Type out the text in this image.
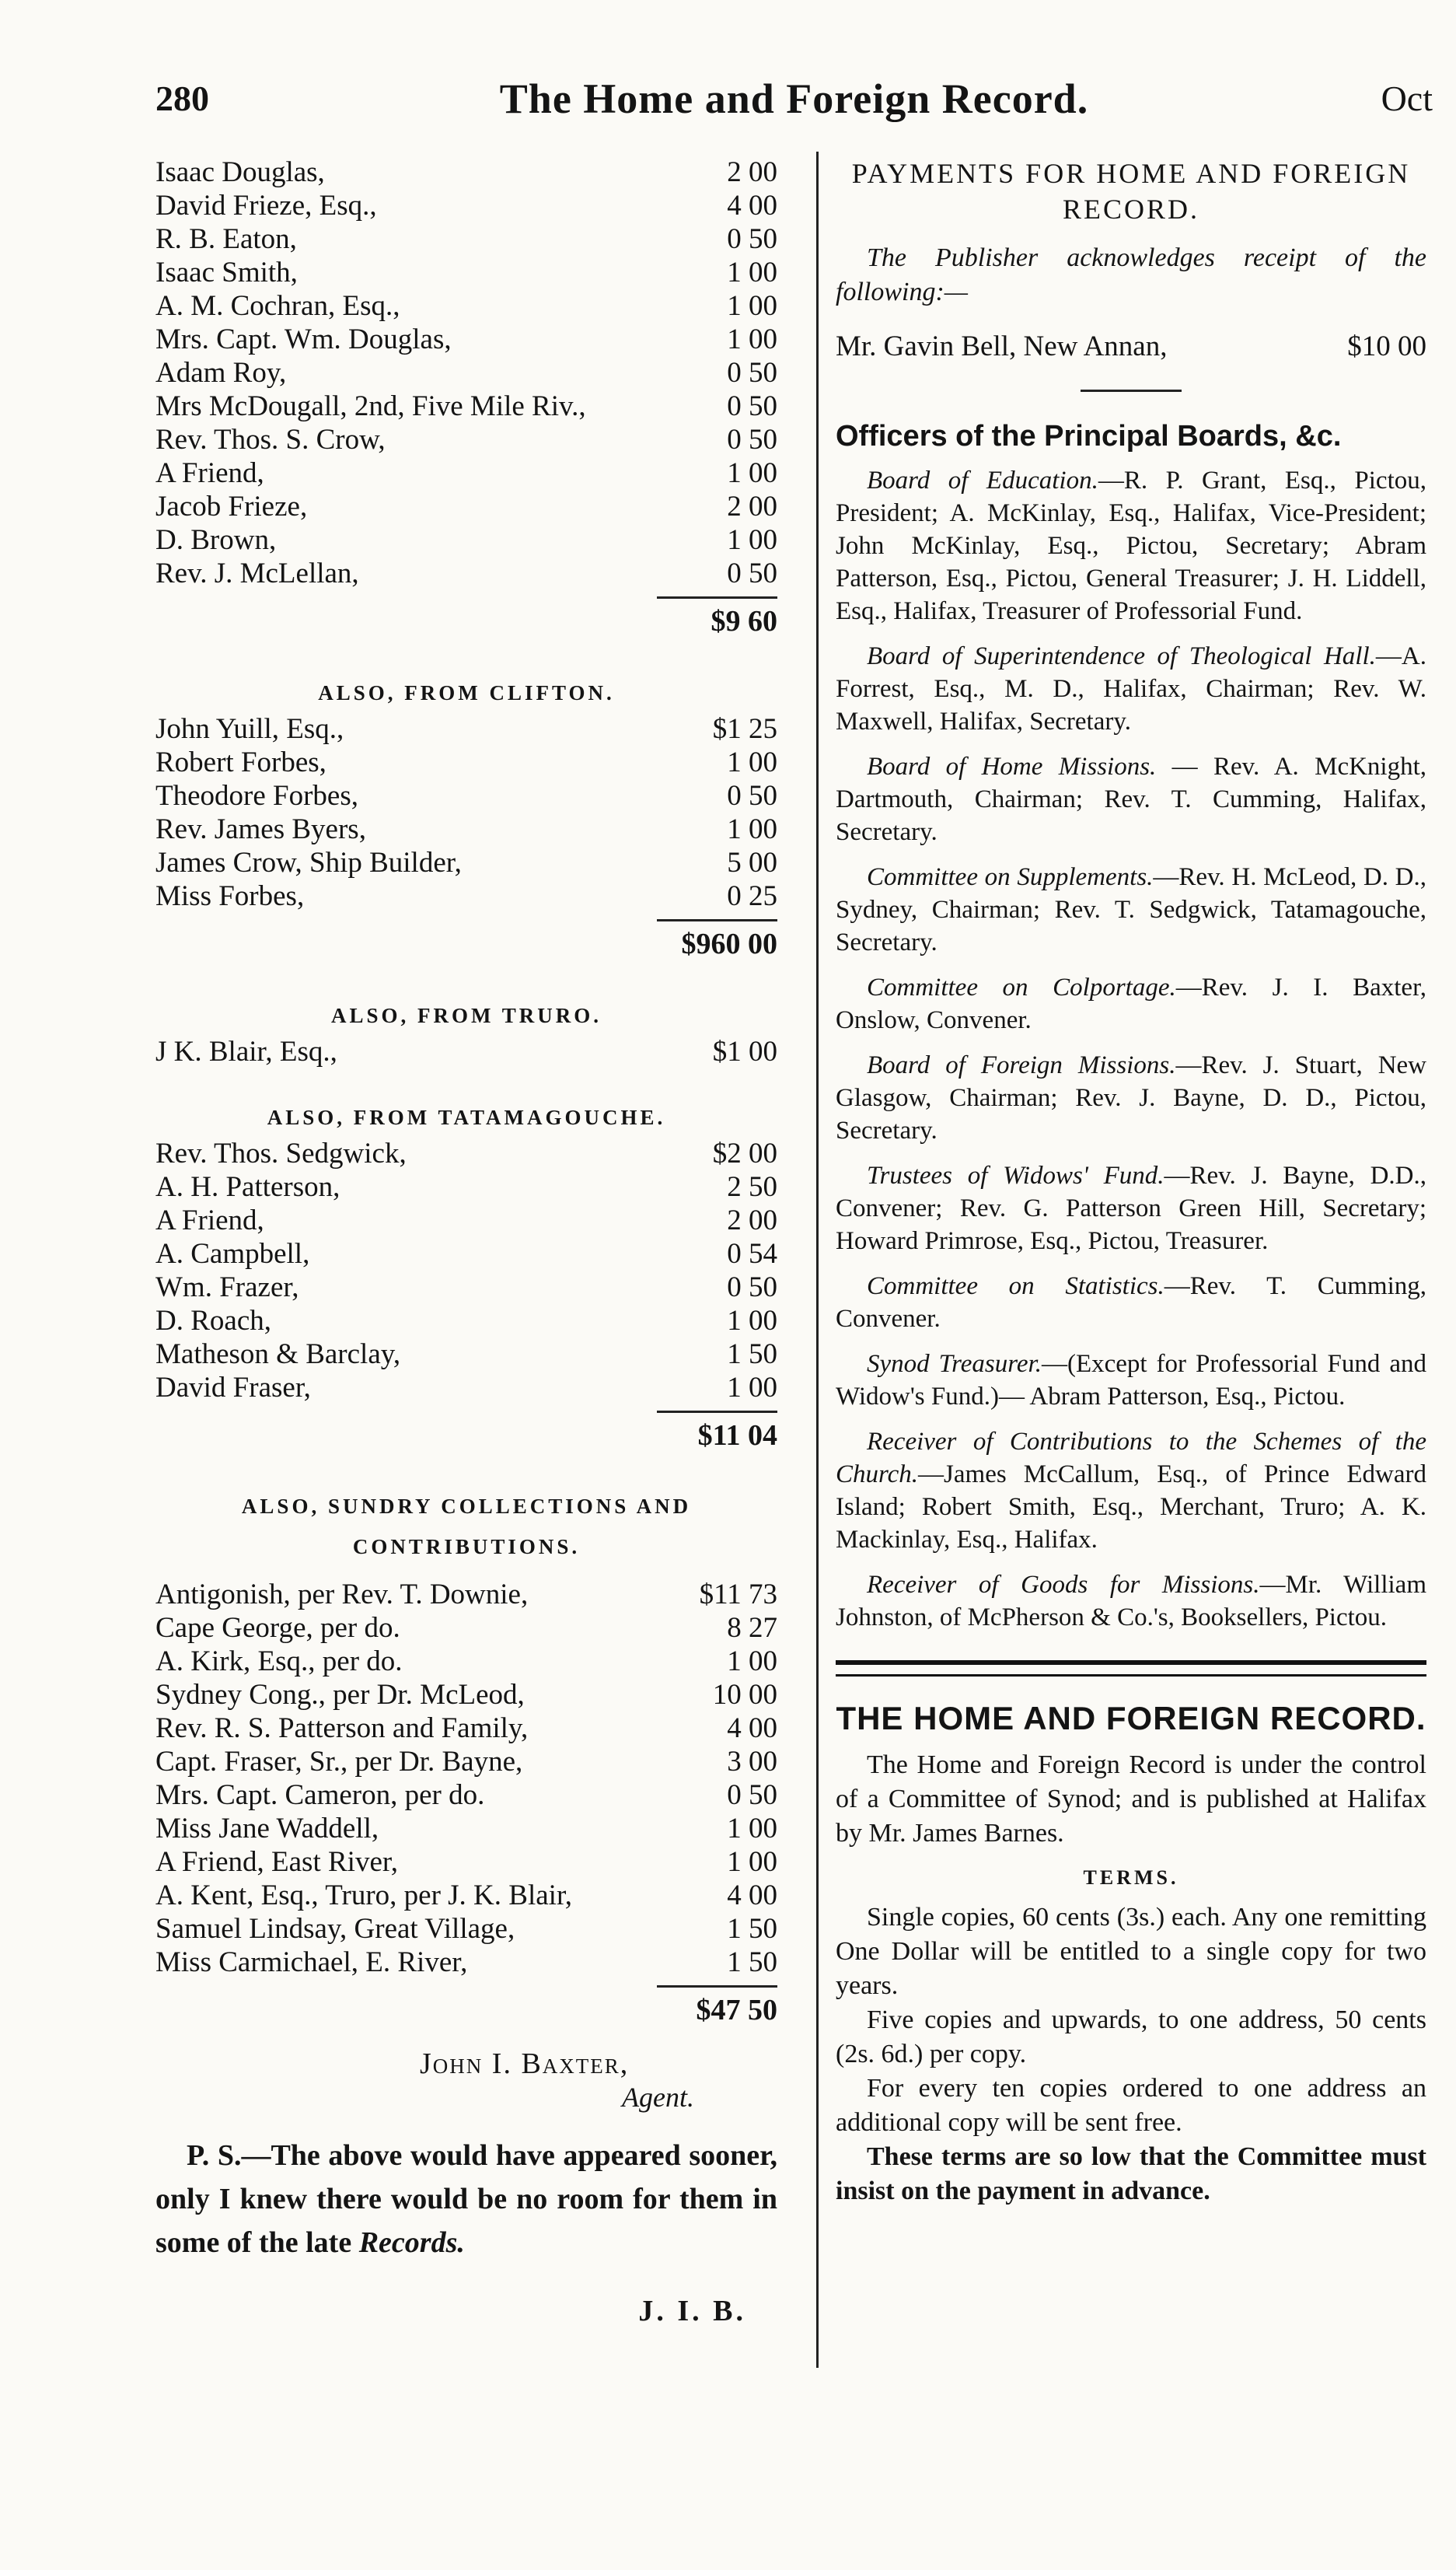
280	The Home and Foreign Record.	Oct
Isaac Douglas,	2 00
David Frieze, Esq.,	4 00
R. B. Eaton,	0 50
Isaac Smith,	1 00
A. M. Cochran, Esq.,	1 00
Mrs. Capt. Wm. Douglas,	1 00
Adam Roy,	0 50
Mrs McDougall, 2nd, Five Mile Riv.,	0 50
Rev. Thos. S. Crow,	0 50
A Friend,	1 00
Jacob Frieze,	2 00
D. Brown,	1 00
Rev. J. McLellan,	0 50
$9 60
ALSO, FROM CLIFTON.
John Yuill, Esq.,	$1 25
Robert Forbes,	1 00
Theodore Forbes,	0 50
Rev. James Byers,	1 00
James Crow, Ship Builder,	5 00
Miss Forbes,	0 25
$960 00
ALSO, FROM TRURO.
J K. Blair, Esq.,	$1 00
ALSO, FROM TATAMAGOUCHE.
Rev. Thos. Sedgwick,	$2 00
A. H. Patterson,	2 50
A Friend,	2 00
A. Campbell,	0 54
Wm. Frazer,	0 50
D. Roach,	1 00
Matheson & Barclay,	1 50
David Fraser,	1 00
$11 04
ALSO, SUNDRY COLLECTIONS AND
CONTRIBUTIONS.
Antigonish, per Rev. T. Downie,	$11 73
Cape George, per do.	8 27
A. Kirk, Esq., per do.	1 00
Sydney Cong., per Dr. McLeod,	10 00
Rev. R. S. Patterson and Family,	4 00
Capt. Fraser, Sr., per Dr. Bayne,	3 00
Mrs. Capt. Cameron, per do.	0 50
Miss Jane Waddell,	1 00
A Friend, East River,	1 00
A. Kent, Esq., Truro, per J. K. Blair,	4 00
Samuel Lindsay, Great Village,	1 50
Miss Carmichael, E. River,	1 50
$47 50
John I. Baxter,
Agent.

P. S.—The above would have appeared sooner, only I knew there would be no room for them in some of the late Records.

J. I. B.
PAYMENTS FOR HOME AND FOREIGN
RECORD.

The Publisher acknowledges receipt of the following:—

Mr. Gavin Bell, New Annan,	$10 00
Officers of the Principal Boards, &c.

Board of Education.—R. P. Grant, Esq., Pictou, President; A. McKinlay, Esq., Halifax, Vice-President; John McKinlay, Esq., Pictou, Secretary; Abram Patterson, Esq., Pictou, General Treasurer; J. H. Liddell, Esq., Halifax, Treasurer of Professorial Fund.

Board of Superintendence of Theological Hall.—A. Forrest, Esq., M. D., Halifax, Chairman; Rev. W. Maxwell, Halifax, Secretary.

Board of Home Missions. — Rev. A. McKnight, Dartmouth, Chairman; Rev. T. Cumming, Halifax, Secretary.

Committee on Supplements.—Rev. H. McLeod, D. D., Sydney, Chairman; Rev. T. Sedgwick, Tatamagouche, Secretary.

Committee on Colportage.—Rev. J. I. Baxter, Onslow, Convener.

Board of Foreign Missions.—Rev. J. Stuart, New Glasgow, Chairman; Rev. J. Bayne, D. D., Pictou, Secretary.

Trustees of Widows' Fund.—Rev. J. Bayne, D.D., Convener; Rev. G. Patterson Green Hill, Secretary; Howard Primrose, Esq., Pictou, Treasurer.

Committee on Statistics.—Rev. T. Cumming, Convener.

Synod Treasurer.—(Except for Professorial Fund and Widow's Fund.)— Abram Patterson, Esq., Pictou.

Receiver of Contributions to the Schemes of the Church.—James McCallum, Esq., of Prince Edward Island; Robert Smith, Esq., Merchant, Truro; A. K. Mackinlay, Esq., Halifax.

Receiver of Goods for Missions.—Mr. William Johnston, of McPherson & Co.'s, Booksellers, Pictou.

THE HOME AND FOREIGN RECORD.

The Home and Foreign Record is under the control of a Committee of Synod; and is published at Halifax by Mr. James Barnes.

TERMS.

Single copies, 60 cents (3s.) each. Any one remitting One Dollar will be entitled to a single copy for two years.

Five copies and upwards, to one address, 50 cents (2s. 6d.) per copy.

For every ten copies ordered to one address an additional copy will be sent free.

These terms are so low that the Committee must insist on the payment in advance.
